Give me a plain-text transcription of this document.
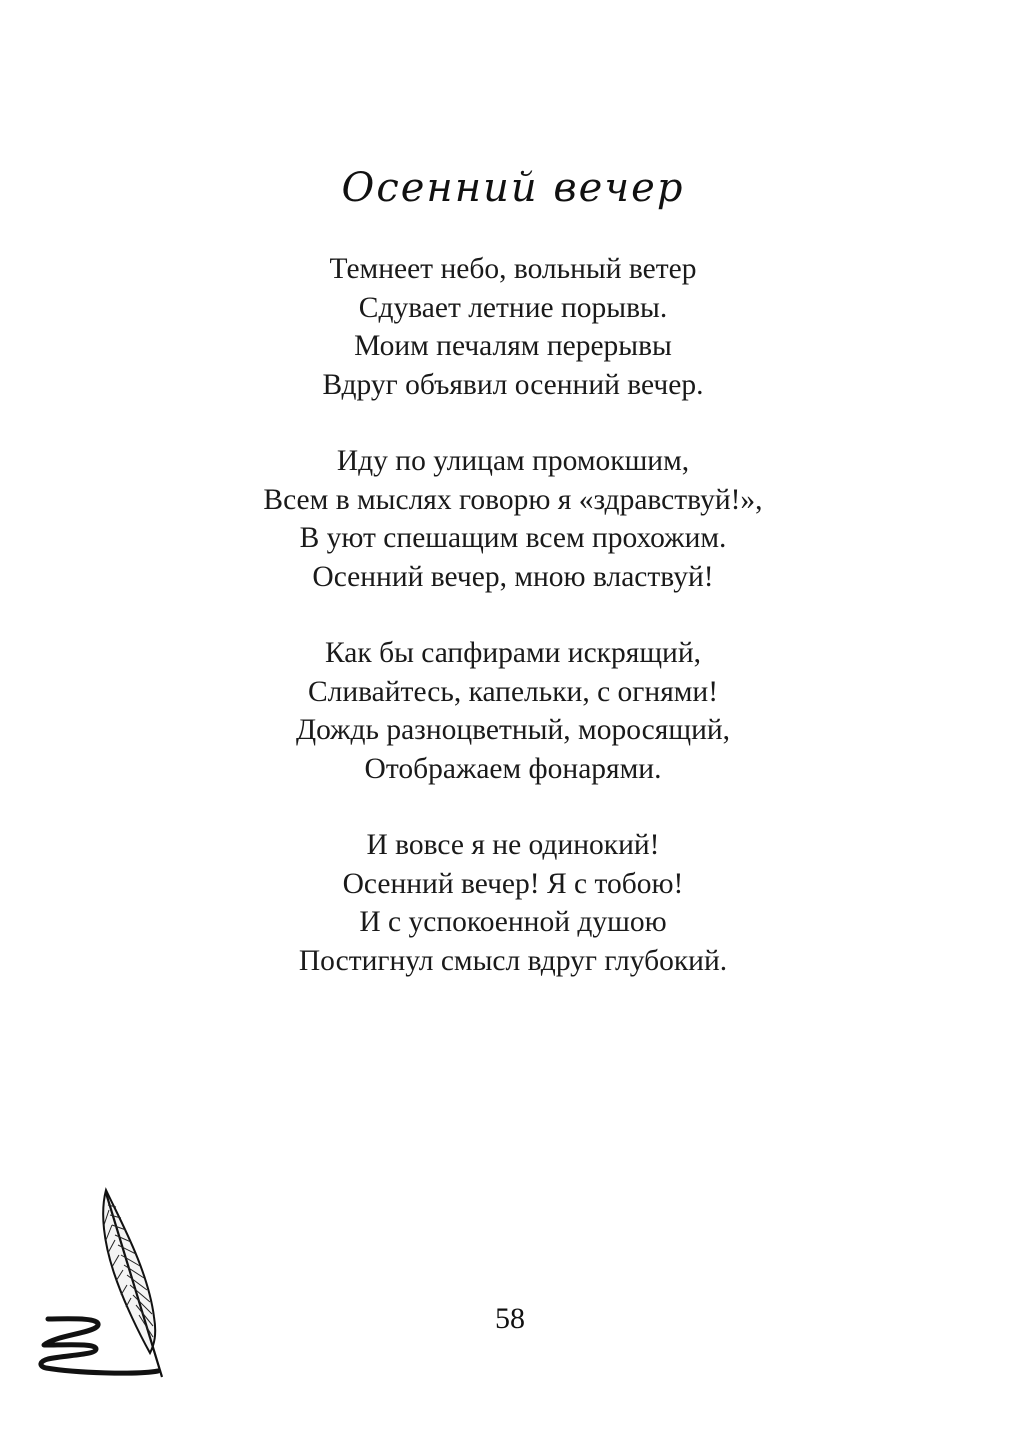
Осенний вечер
Темнеет небо, вольный ветер
Сдувает летние порывы.
Моим печалям перерывы
Вдруг объявил осенний вечер.
Иду по улицам промокшим,
Всем в мыслях говорю я «здравствуй!»,
В уют спешащим всем прохожим.
Осенний вечер, мною властвуй!
Как бы сапфирами искрящий,
Сливайтесь, капельки, с огнями!
Дождь разноцветный, моросящий,
Отображаем фонарями.
И вовсе я не одинокий!
Осенний вечер! Я с тобою!
И с успокоенной душою
Постигнул смысл вдруг глубокий.
58
